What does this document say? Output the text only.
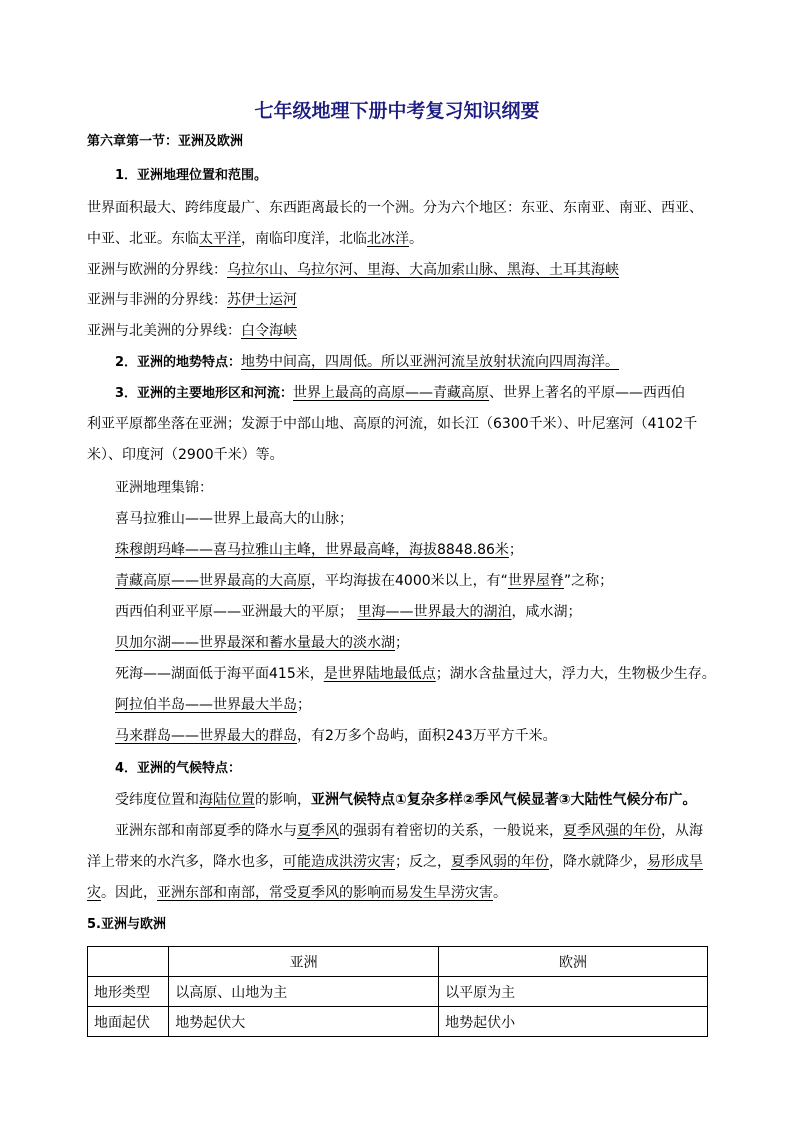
七年级地理下册中考复习知识纲要
第六章第一节：亚洲及欧洲
1．亚洲地理位置和范围。
世界面积最大、跨纬度最广、东西距离最长的一个洲。分为六个地区：东亚、东南亚、南亚、西亚、
中亚、北亚。东临太平洋，南临印度洋，北临北冰洋。
亚洲与欧洲的分界线：乌拉尔山、乌拉尔河、里海、大高加索山脉、黑海、土耳其海峡
亚洲与非洲的分界线：苏伊士运河
亚洲与北美洲的分界线：白令海峡
2．亚洲的地势特点：地势中间高，四周低。所以亚洲河流呈放射状流向四周海洋。
3．亚洲的主要地形区和河流：世界上最高的高原——青藏高原、世界上著名的平原——西西伯
利亚平原都坐落在亚洲；发源于中部山地、高原的河流，如长江（6300千米）、叶尼塞河（4102千
米）、印度河（2900千米）等。
亚洲地理集锦：
喜马拉雅山——世界上最高大的山脉；
珠穆朗玛峰——喜马拉雅山主峰，世界最高峰，海拔8848.86米；
青藏高原——世界最高的大高原，平均海拔在4000米以上，有“世界屋脊”之称；
西西伯利亚平原——亚洲最大的平原； 里海——世界最大的湖泊，咸水湖；
贝加尔湖——世界最深和蓄水量最大的淡水湖；
死海——湖面低于海平面415米，是世界陆地最低点；湖水含盐量过大，浮力大，生物极少生存。
阿拉伯半岛——世界最大半岛；
马来群岛——世界最大的群岛，有2万多个岛屿，面积243万平方千米。
4．亚洲的气候特点：
受纬度位置和海陆位置的影响，亚洲气候特点①复杂多样②季风气候显著③大陆性气候分布广。
亚洲东部和南部夏季的降水与夏季风的强弱有着密切的关系，一般说来，夏季风强的年份，从海
洋上带来的水汽多，降水也多，可能造成洪涝灾害；反之，夏季风弱的年份，降水就降少，易形成旱
灾。因此，亚洲东部和南部，常受夏季风的影响而易发生旱涝灾害。
5.亚洲与欧洲
	亚洲	欧洲
地形类型	以高原、山地为主	以平原为主
地面起伏	地势起伏大	地势起伏小
